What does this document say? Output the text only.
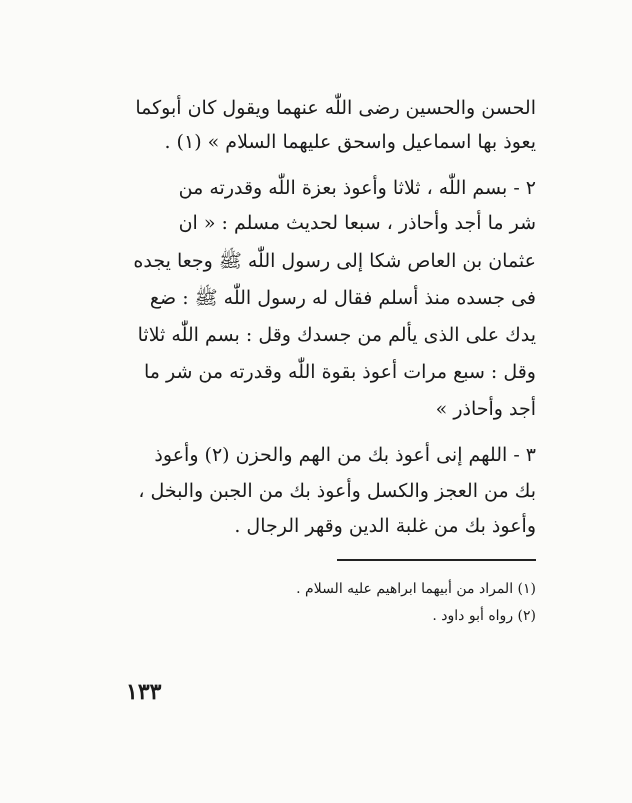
الحسن والحسين رضى اللّٰه عنهما ويقول كان أبوكما
يعوذ بها اسماعيل واسحق عليهما السلام » (١) .
٢ - بسم اللّٰه ، ثلاثا وأعوذ بعزة اللّٰه وقدرته من
شر ما أجد وأحاذر ، سبعا لحديث مسلم : « ان
عثمان بن العاص شكا إلى رسول اللّٰه ﷺ وجعا يجده
فى جسده منذ أسلم فقال له رسول اللّٰه ﷺ : ضع
يدك على الذى يألم من جسدك وقل : بسم اللّٰه ثلاثا
وقل : سبع مرات أعوذ بقوة اللّٰه وقدرته من شر ما
أجد وأحاذر »
٣ - اللهم إنى أعوذ بك من الهم والحزن (٢) وأعوذ
بك من العجز والكسل وأعوذ بك من الجبن والبخل ،
وأعوذ بك من غلبة الدين وقهر الرجال .
(١) المراد من أبيهما ابراهيم عليه السلام .
(٢) رواه أبو داود .
١٣٣
